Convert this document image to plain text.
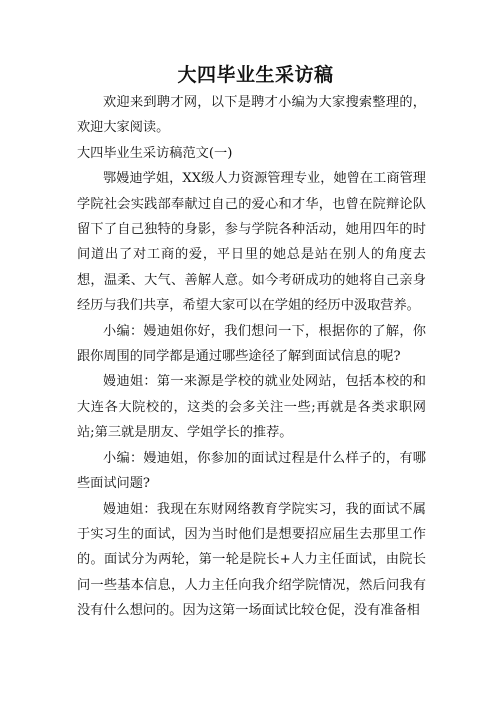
大四毕业生采访稿

欢迎来到聘才网，以下是聘才小编为大家搜索整理的，欢迎大家阅读。

大四毕业生采访稿范文(一)

鄂嫚迪学姐，XX级人力资源管理专业，她曾在工商管理学院社会实践部奉献过自己的爱心和才华，也曾在院辩论队留下了自己独特的身影，参与学院各种活动，她用四年的时间道出了对工商的爱，平日里的她总是站在别人的角度去想，温柔、大气、善解人意。如今考研成功的她将自己亲身经历与我们共享，希望大家可以在学姐的经历中汲取营养。

小编：嫚迪姐你好，我们想问一下，根据你的了解，你跟你周围的同学都是通过哪些途径了解到面试信息的呢?

嫚迪姐：第一来源是学校的就业处网站，包括本校的和大连各大院校的，这类的会多关注一些;再就是各类求职网站;第三就是朋友、学姐学长的推荐。

小编：嫚迪姐，你参加的面试过程是什么样子的，有哪些面试问题?

嫚迪姐：我现在东财网络教育学院实习，我的面试不属于实习生的面试，因为当时他们是想要招应届生去那里工作的。面试分为两轮，第一轮是院长+人力主任面试，由院长问一些基本信息，人力主任向我介绍学院情况，然后问我有没有什么想问的。因为这第一场面试比较仓促，没有准备相
